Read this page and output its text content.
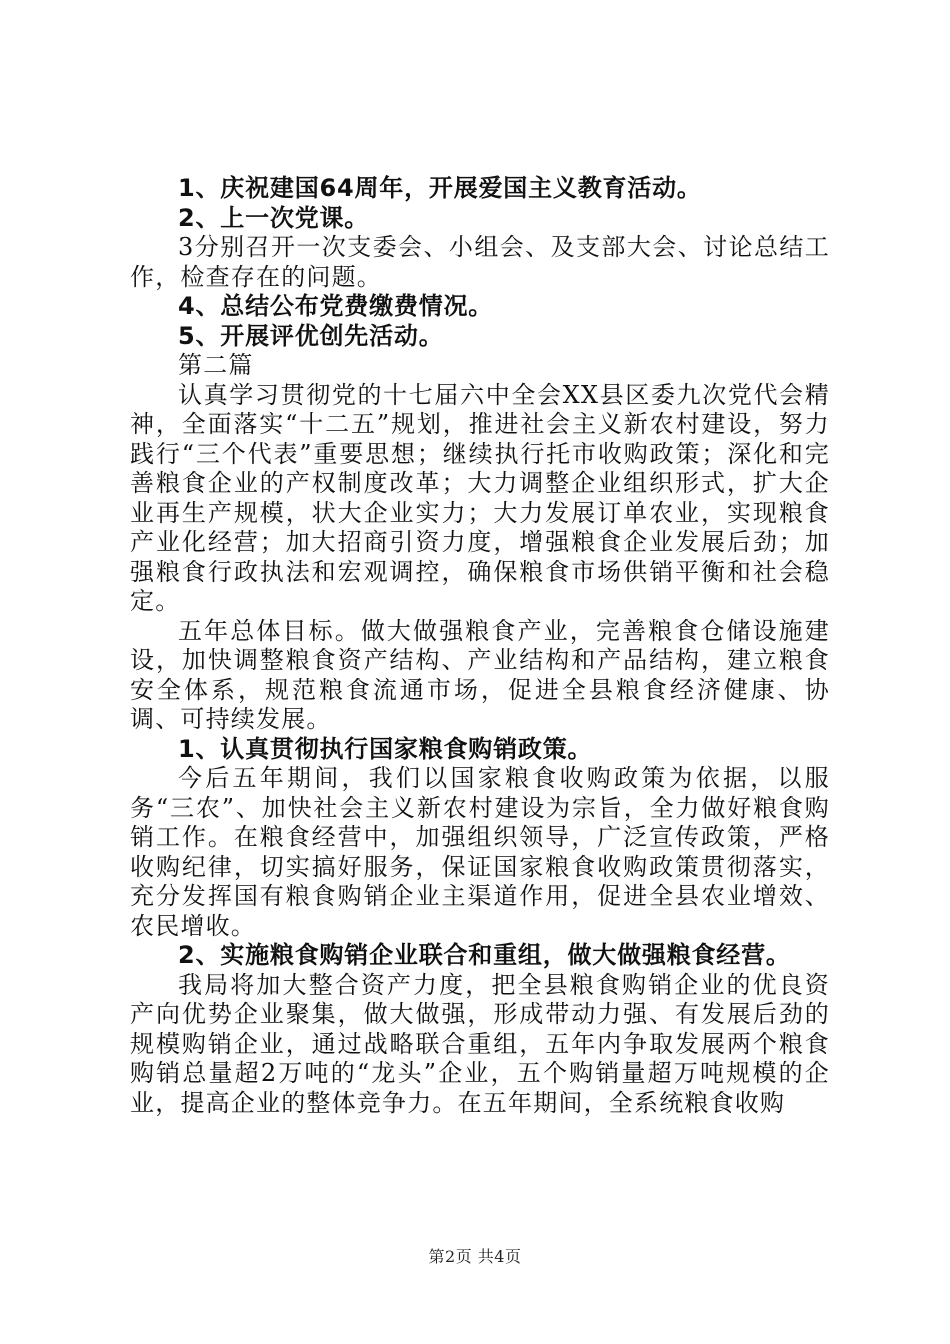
1、庆祝建国64周年，开展爱国主义教育活动。

2、上一次党课。

3分别召开一次支委会、小组会、及支部大会、讨论总结工作，检查存在的问题。

4、总结公布党费缴费情况。

5、开展评优创先活动。

第二篇

认真学习贯彻党的十七届六中全会XX县区委九次党代会精神，全面落实“十二五”规划，推进社会主义新农村建设，努力践行“三个代表”重要思想；继续执行托市收购政策；深化和完善粮食企业的产权制度改革；大力调整企业组织形式，扩大企业再生产规模，状大企业实力；大力发展订单农业，实现粮食产业化经营；加大招商引资力度，增强粮食企业发展后劲；加强粮食行政执法和宏观调控，确保粮食市场供销平衡和社会稳定。

五年总体目标。做大做强粮食产业，完善粮食仓储设施建设，加快调整粮食资产结构、产业结构和产品结构，建立粮食安全体系，规范粮食流通市场，促进全县粮食经济健康、协调、可持续发展。

1、认真贯彻执行国家粮食购销政策。

今后五年期间，我们以国家粮食收购政策为依据，以服务“三农”、加快社会主义新农村建设为宗旨，全力做好粮食购销工作。在粮食经营中，加强组织领导，广泛宣传政策，严格收购纪律，切实搞好服务，保证国家粮食收购政策贯彻落实，充分发挥国有粮食购销企业主渠道作用，促进全县农业增效、农民增收。

2、实施粮食购销企业联合和重组，做大做强粮食经营。

我局将加大整合资产力度，把全县粮食购销企业的优良资产向优势企业聚集，做大做强，形成带动力强、有发展后劲的规模购销企业，通过战略联合重组，五年内争取发展两个粮食购销总量超2万吨的“龙头”企业，五个购销量超万吨规模的企业，提高企业的整体竞争力。在五年期间，全系统粮食收购

第2页 共4页
